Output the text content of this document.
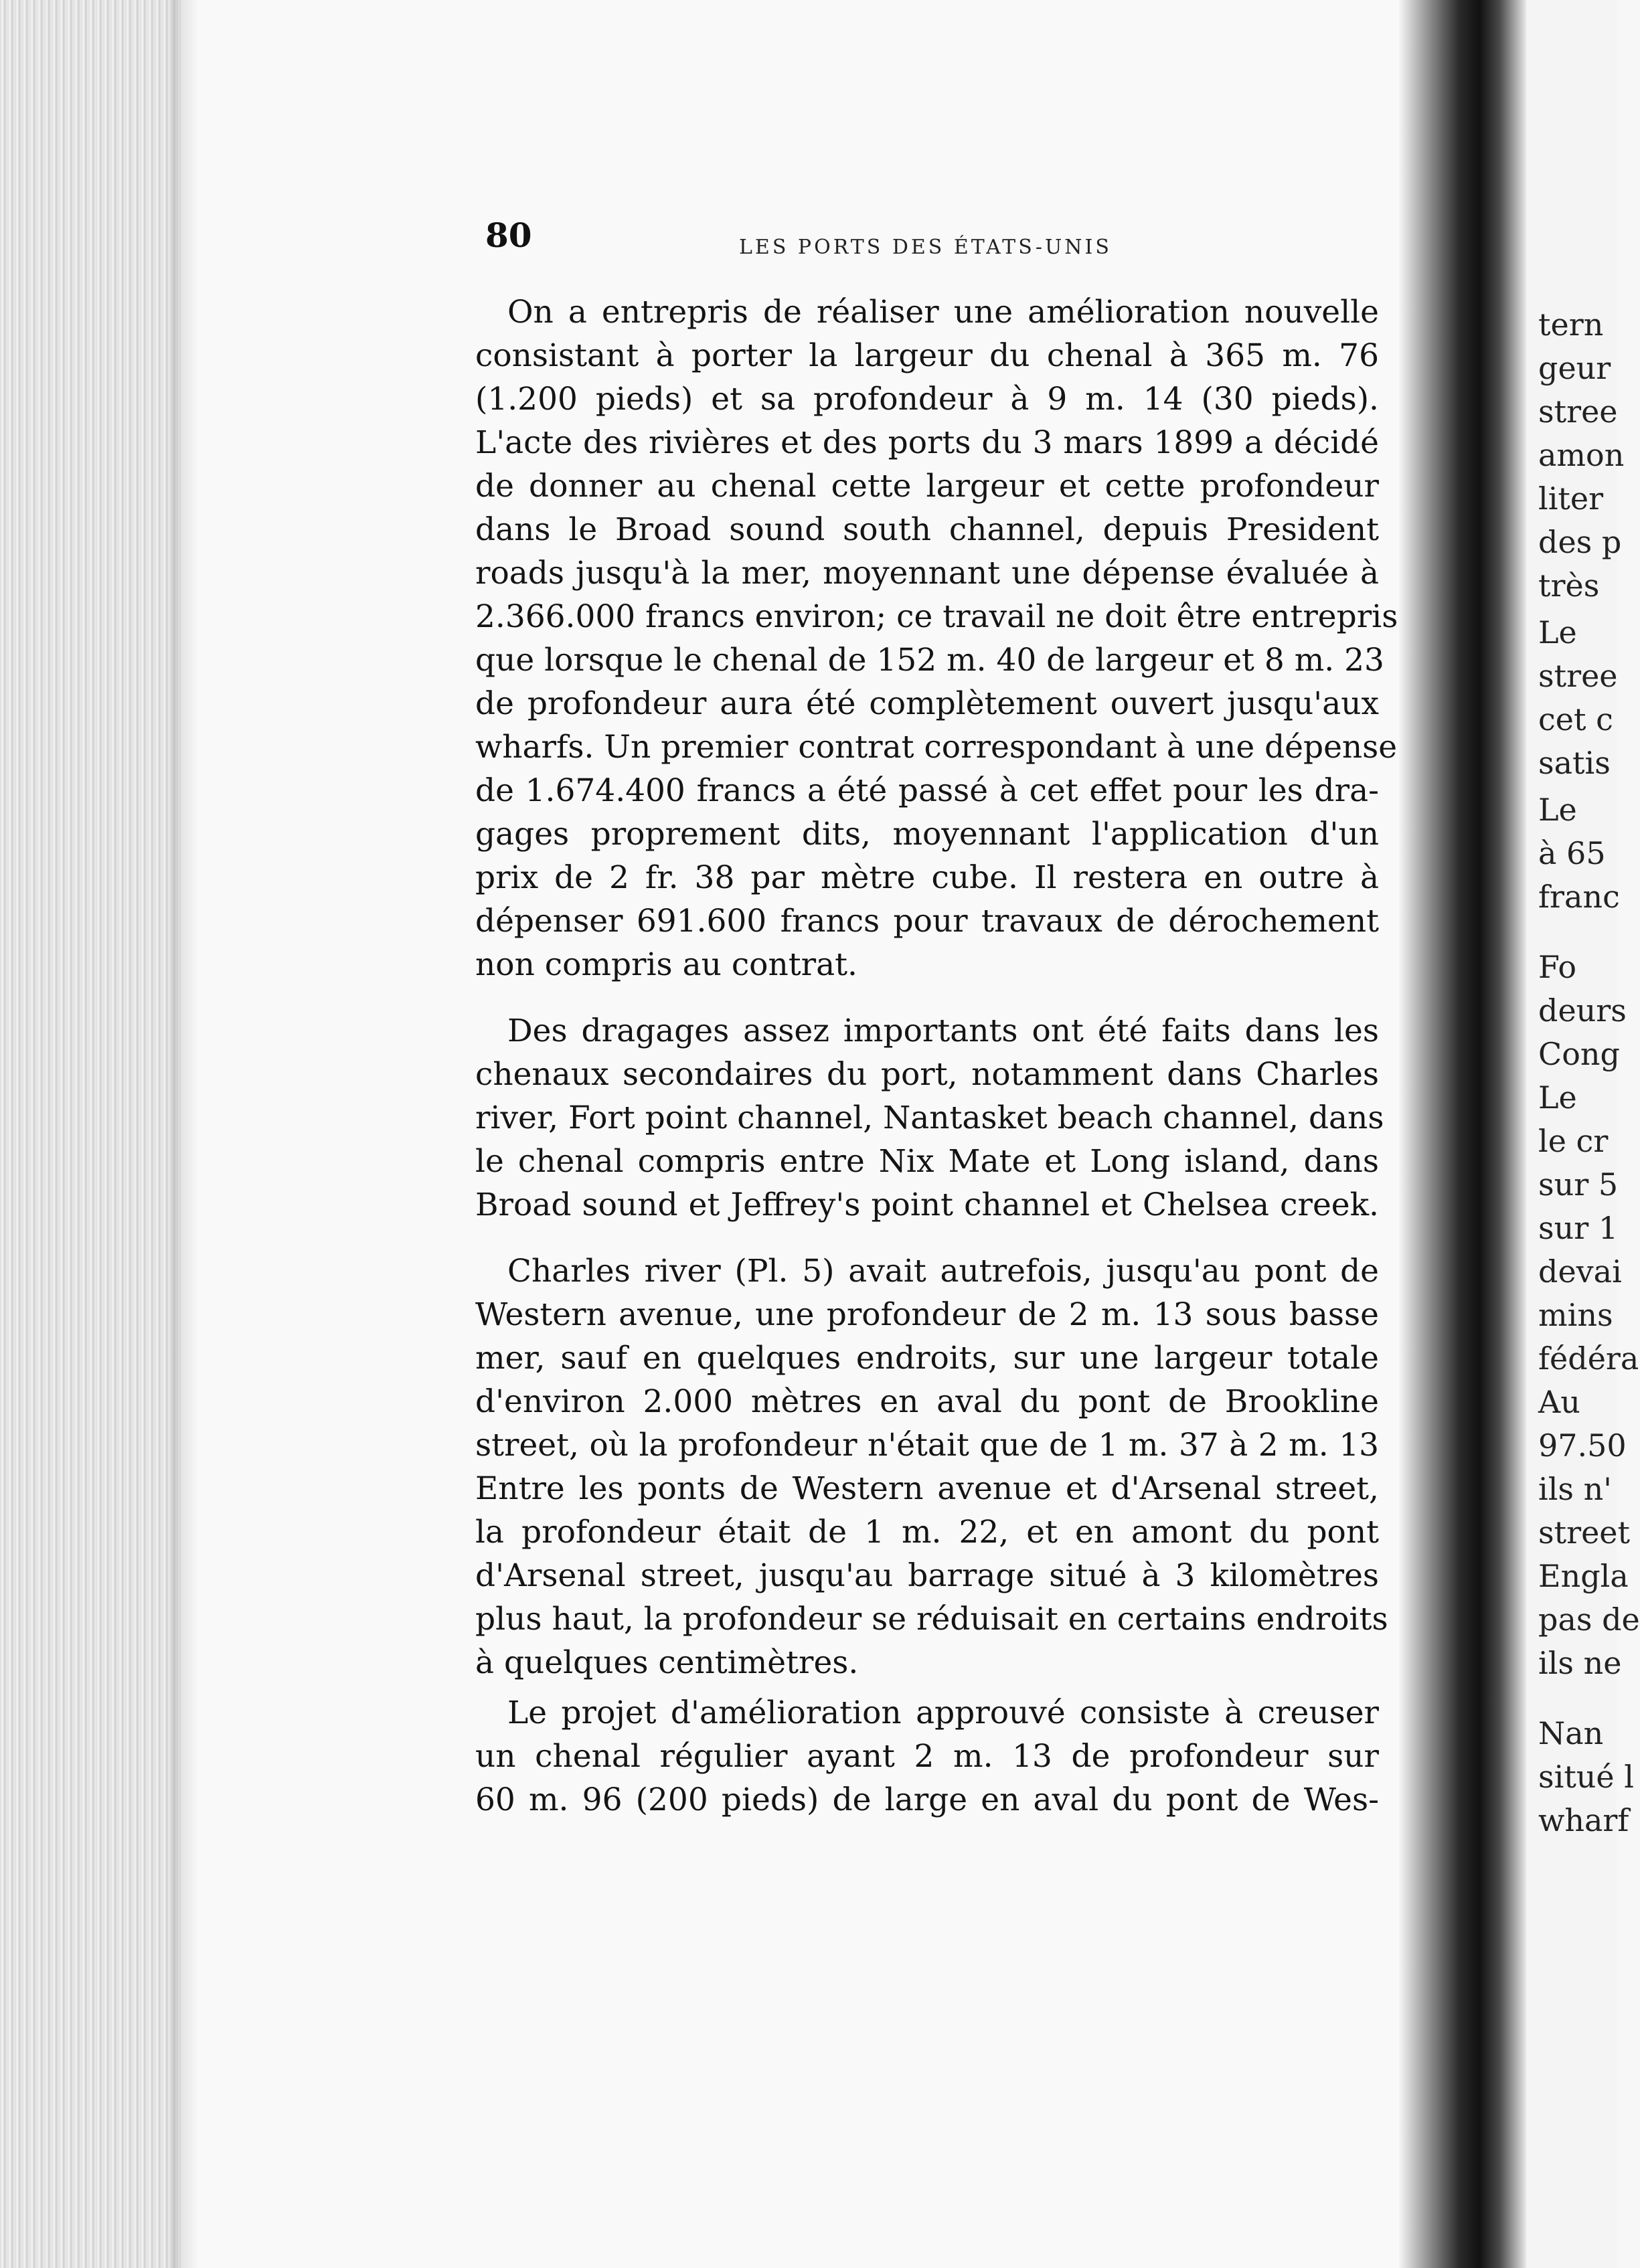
80	LES PORTS DES ÉTATS-UNIS
On a entrepris de réaliser une amélioration nouvelle
consistant à porter la largeur du chenal à 365 m. 76
(1.200 pieds) et sa profondeur à 9 m. 14 (30 pieds).
L'acte des rivières et des ports du 3 mars 1899 a décidé
de donner au chenal cette largeur et cette profondeur
dans le Broad sound south channel, depuis President
roads jusqu'à la mer, moyennant une dépense évaluée à
2.366.000 francs environ; ce travail ne doit être entrepris
que lorsque le chenal de 152 m. 40 de largeur et 8 m. 23
de profondeur aura été complètement ouvert jusqu'aux
wharfs. Un premier contrat correspondant à une dépense
de 1.674.400 francs a été passé à cet effet pour les dra-
gages proprement dits, moyennant l'application d'un
prix de 2 fr. 38 par mètre cube. Il restera en outre à
dépenser 691.600 francs pour travaux de dérochement
non compris au contrat.
Des dragages assez importants ont été faits dans les
chenaux secondaires du port, notamment dans Charles
river, Fort point channel, Nantasket beach channel, dans
le chenal compris entre Nix Mate et Long island, dans
Broad sound et Jeffrey's point channel et Chelsea creek.
Charles river (Pl. 5) avait autrefois, jusqu'au pont de
Western avenue, une profondeur de 2 m. 13 sous basse
mer, sauf en quelques endroits, sur une largeur totale
d'environ 2.000 mètres en aval du pont de Brookline
street, où la profondeur n'était que de 1 m. 37 à 2 m. 13
Entre les ponts de Western avenue et d'Arsenal street,
la profondeur était de 1 m. 22, et en amont du pont
d'Arsenal street, jusqu'au barrage situé à 3 kilomètres
plus haut, la profondeur se réduisait en certains endroits
à quelques centimètres.
Le projet d'amélioration approuvé consiste à creuser
un chenal régulier ayant 2 m. 13 de profondeur sur
60 m. 96 (200 pieds) de large en aval du pont de Wes-
tern
geur
stree
amon
liter
des p
très
Le
stree
cet c
satis
Le
à 65
franc
Fo
deurs
Cong
Le
le cr
sur 5
sur 1
devai
mins
fédéra
Au
97.50
ils n'
street
Engla
pas de
ils ne
Nan
situé l
wharf
